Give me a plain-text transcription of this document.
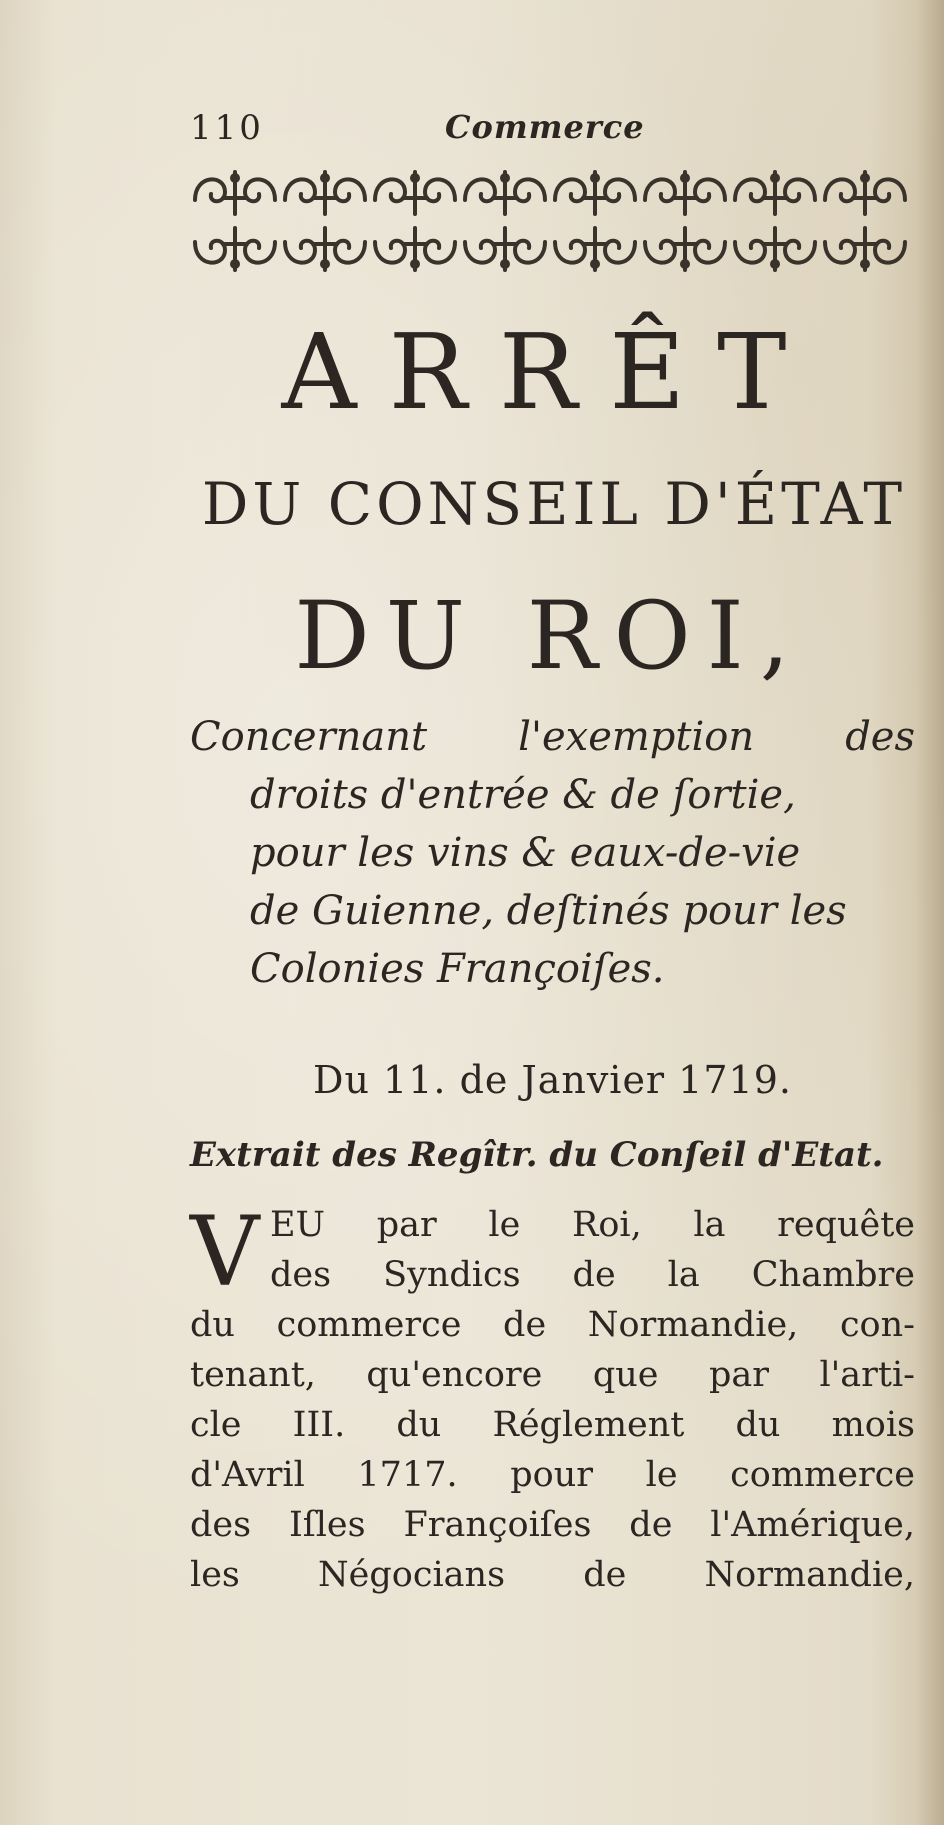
110	Commerce
ARRÊT
DU CONSEIL D'ÉTAT
DU ROI,
Concernant l'exemption des
droits d'entrée & de ſortie,
pour les vins & eaux-de-vie
de Guienne, deſtinés pour les
Colonies Françoiſes.
Du 11. de Janvier 1719.
Extrait des Regîtr. du Conſeil d'Etat.
V EU par le Roi, la requête
des Syndics de la Chambre
du commerce de Normandie, con-
tenant, qu'encore que par l'arti-
cle III. du Réglement du mois
d'Avril 1717. pour le commerce
des Iſles Françoiſes de l'Amérique,
les Négocians de Normandie,
